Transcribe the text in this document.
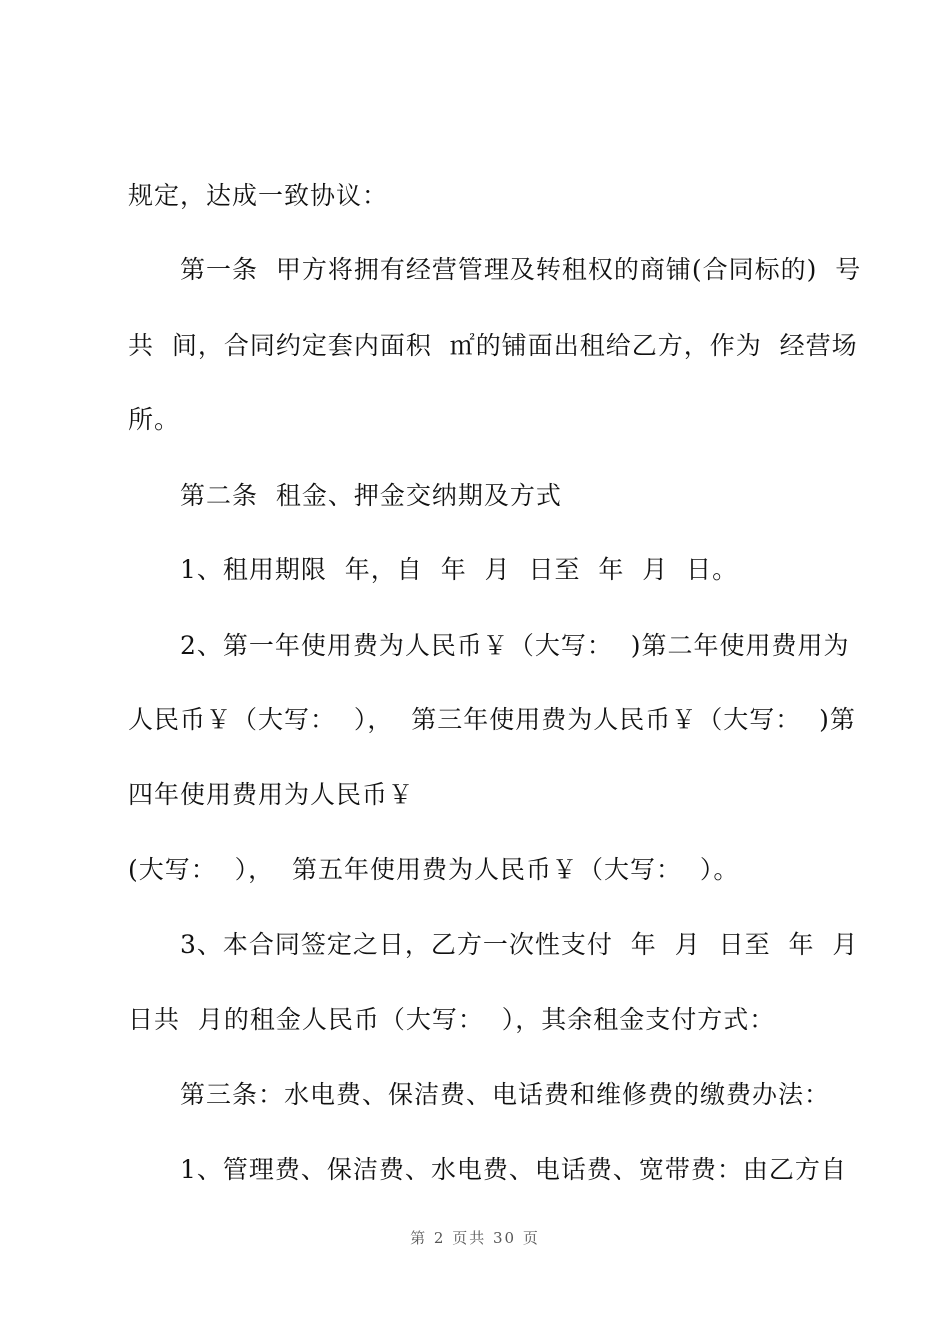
规定，达成一致协议：

第一条  甲方将拥有经营管理及转租权的商铺(合同标的)  号

共  间，合同约定套内面积  ㎡的铺面出租给乙方，作为  经营场

所。

第二条  租金、押金交纳期及方式

1、租用期限  年，自  年  月  日至  年  月  日。

2、第一年使用费为人民币￥（大写：  )第二年使用费用为

人民币￥（大写：  ），  第三年使用费为人民币￥（大写：  )第

四年使用费用为人民币￥

(大写：  ），  第五年使用费为人民币￥（大写：  ）。

3、本合同签定之日，乙方一次性支付  年  月  日至  年  月

日共  月的租金人民币（大写：  ），其余租金支付方式：

第三条：水电费、保洁费、电话费和维修费的缴费办法：

1、管理费、保洁费、水电费、电话费、宽带费：由乙方自

第 2 页共 30 页
